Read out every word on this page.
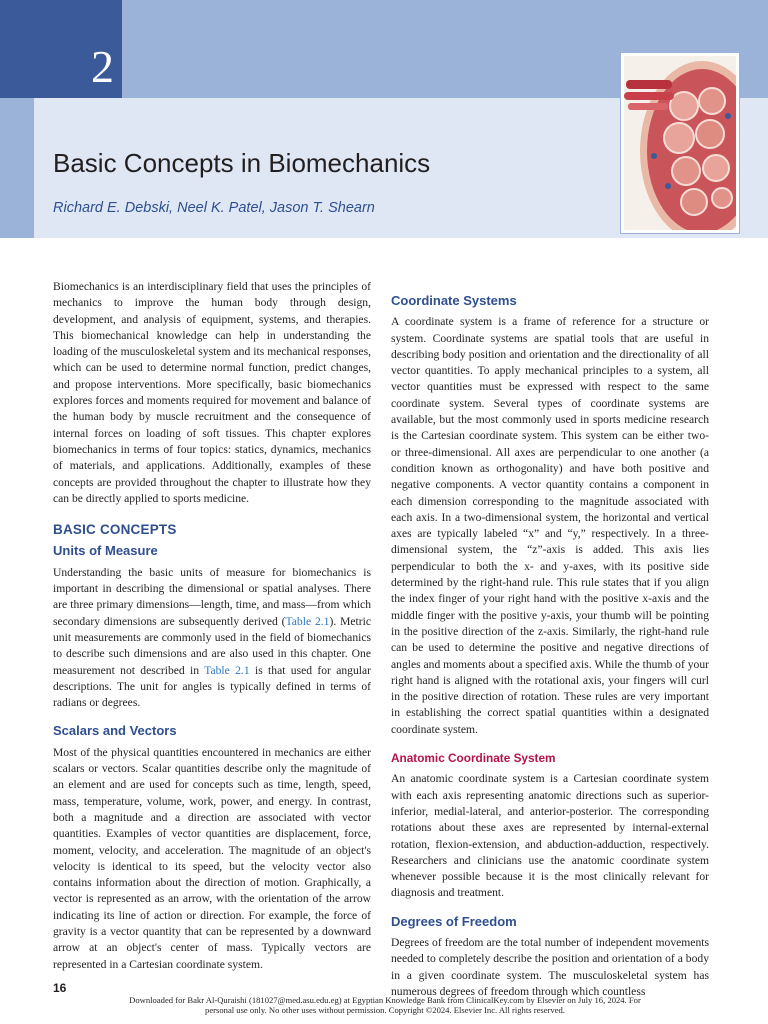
2
Basic Concepts in Biomechanics
Richard E. Debski, Neel K. Patel, Jason T. Shearn

Biomechanics is an interdisciplinary field that uses the principles of mechanics to improve the human body through design, development, and analysis of equipment, systems, and therapies. This biomechanical knowledge can help in understanding the loading of the musculoskeletal system and its mechanical responses, which can be used to determine normal function, predict changes, and propose interventions. More specifically, basic biomechanics explores forces and moments required for movement and balance of the human body by muscle recruitment and the consequence of internal forces on loading of soft tissues. This chapter explores biomechanics in terms of four topics: statics, dynamics, mechanics of materials, and applications. Additionally, examples of these concepts are provided throughout the chapter to illustrate how they can be directly applied to sports medicine.

BASIC CONCEPTS
Units of Measure

Understanding the basic units of measure for biomechanics is important in describing the dimensional or spatial analyses. There are three primary dimensions—length, time, and mass—from which secondary dimensions are subsequently derived (Table 2.1). Metric unit measurements are commonly used in the field of biomechanics to describe such dimensions and are also used in this chapter. One measurement not described in Table 2.1 is that used for angular descriptions. The unit for angles is typically defined in terms of radians or degrees.

Scalars and Vectors

Most of the physical quantities encountered in mechanics are either scalars or vectors. Scalar quantities describe only the magnitude of an element and are used for concepts such as time, length, speed, mass, temperature, volume, work, power, and energy. In contrast, both a magnitude and a direction are associated with vector quantities. Examples of vector quantities are displacement, force, moment, velocity, and acceleration. The magnitude of an object's velocity is identical to its speed, but the velocity vector also contains information about the direction of motion. Graphically, a vector is represented as an arrow, with the orientation of the arrow indicating its line of action or direction. For example, the force of gravity is a vector quantity that can be represented by a downward arrow at an object's center of mass. Typically vectors are represented in a Cartesian coordinate system.

Coordinate Systems

A coordinate system is a frame of reference for a structure or system. Coordinate systems are spatial tools that are useful in describing body position and orientation and the directionality of all vector quantities. To apply mechanical principles to a system, all vector quantities must be expressed with respect to the same coordinate system. Several types of coordinate systems are available, but the most commonly used in sports medicine research is the Cartesian coordinate system. This system can be either two- or three-dimensional. All axes are perpendicular to one another (a condition known as orthogonality) and have both positive and negative components. A vector quantity contains a component in each dimension corresponding to the magnitude associated with each axis. In a two-dimensional system, the horizontal and vertical axes are typically labeled “x” and “y,” respectively. In a three-dimensional system, the “z”-axis is added. This axis lies perpendicular to both the x- and y-axes, with its positive side determined by the right-hand rule. This rule states that if you align the index finger of your right hand with the positive x-axis and the middle finger with the positive y-axis, your thumb will be pointing in the positive direction of the z-axis. Similarly, the right-hand rule can be used to determine the positive and negative directions of angles and moments about a specified axis. While the thumb of your right hand is aligned with the rotational axis, your fingers will curl in the positive direction of rotation. These rules are very important in establishing the correct spatial quantities within a designated coordinate system.

Anatomic Coordinate System

An anatomic coordinate system is a Cartesian coordinate system with each axis representing anatomic directions such as superior-inferior, medial-lateral, and anterior-posterior. The corresponding rotations about these axes are represented by internal-external rotation, flexion-extension, and abduction-adduction, respectively. Researchers and clinicians use the anatomic coordinate system whenever possible because it is the most clinically relevant for diagnosis and treatment.

Degrees of Freedom

Degrees of freedom are the total number of independent movements needed to completely describe the position and orientation of a body in a given coordinate system. The musculoskeletal system has numerous degrees of freedom through which countless

16
Downloaded for Bakr Al-Quraishi (181027@med.asu.edu.eg) at Egyptian Knowledge Bank from ClinicalKey.com by Elsevier on July 16, 2024. For personal use only. No other uses without permission. Copyright ©2024. Elsevier Inc. All rights reserved.
